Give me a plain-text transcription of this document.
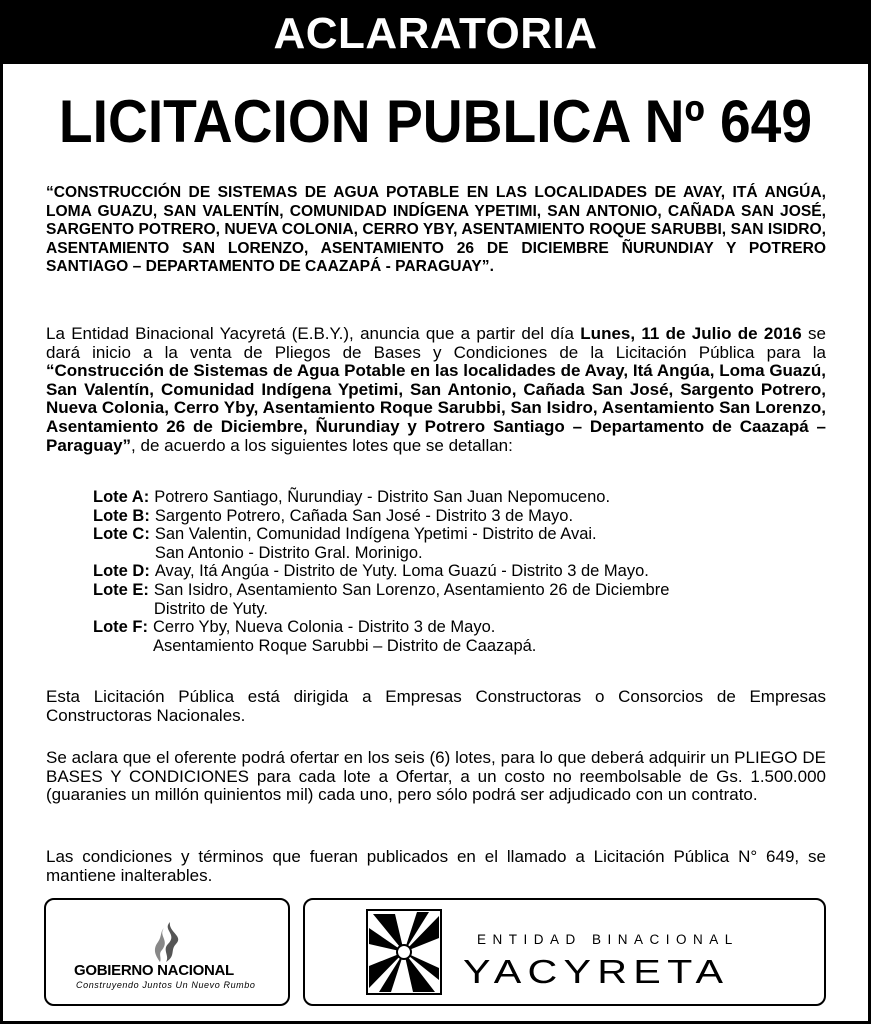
ACLARATORIA
LICITACION PUBLICA Nº 649
“CONSTRUCCIÓN DE SISTEMAS DE AGUA POTABLE EN LAS LOCALIDADES DE AVAY, ITÁ ANGÚA, LOMA GUAZU, SAN VALENTÍN, COMUNIDAD INDÍGENA YPETIMI, SAN ANTONIO, CAÑADA SAN JOSÉ, SARGENTO POTRERO, NUEVA COLONIA, CERRO YBY, ASENTAMIENTO ROQUE SARUBBI, SAN ISIDRO, ASENTAMIENTO SAN LORENZO, ASENTAMIENTO 26 DE DICIEMBRE ÑURUNDIAY Y POTRERO SANTIAGO – DEPARTAMENTO DE CAAZAPÁ - PARAGUAY”.
La Entidad Binacional Yacyretá (E.B.Y.), anuncia que a partir del día Lunes, 11 de Julio de 2016 se dará inicio a la venta de Pliegos de Bases y Condiciones de la Licitación Pública para la “Construcción de Sistemas de Agua Potable en las localidades de Avay, Itá Angúa, Loma Guazú, San Valentín, Comunidad Indígena Ypetimi, San Antonio, Cañada San José, Sargento Potrero, Nueva Colonia, Cerro Yby, Asentamiento Roque Sarubbi, San Isidro, Asentamiento San Lorenzo, Asentamiento 26 de Diciembre, Ñurundiay y Potrero Santiago – Departamento de Caazapá – Paraguay”, de acuerdo a los siguientes lotes que se detallan:
Lote A: Potrero Santiago, Ñurundiay - Distrito San Juan Nepomuceno.
Lote B: Sargento Potrero, Cañada San José - Distrito 3 de Mayo.
Lote C: San Valentin, Comunidad Indígena Ypetimi - Distrito de Avai.
San Antonio - Distrito Gral. Morinigo.
Lote D: Avay, Itá Angúa - Distrito de Yuty. Loma Guazú - Distrito 3 de Mayo.
Lote E: San Isidro, Asentamiento San Lorenzo, Asentamiento 26 de Diciembre
Distrito de Yuty.
Lote F: Cerro Yby, Nueva Colonia - Distrito 3 de Mayo.
Asentamiento Roque Sarubbi – Distrito de Caazapá.
Esta Licitación Pública está dirigida a Empresas Constructoras o Consorcios de Empresas Constructoras Nacionales.
Se aclara que el oferente podrá ofertar en los seis (6) lotes, para lo que deberá adquirir un PLIEGO DE BASES Y CONDICIONES para cada lote a Ofertar, a un costo no reembolsable de Gs. 1.500.000 (guaranies un millón quinientos mil) cada uno, pero sólo podrá ser adjudicado con un contrato.
Las condiciones y términos que fueran publicados en el llamado a Licitación Pública N° 649, se mantiene inalterables.
GOBIERNO NACIONAL
Construyendo Juntos Un Nuevo Rumbo
ENTIDAD BINACIONAL
YACYRETA
